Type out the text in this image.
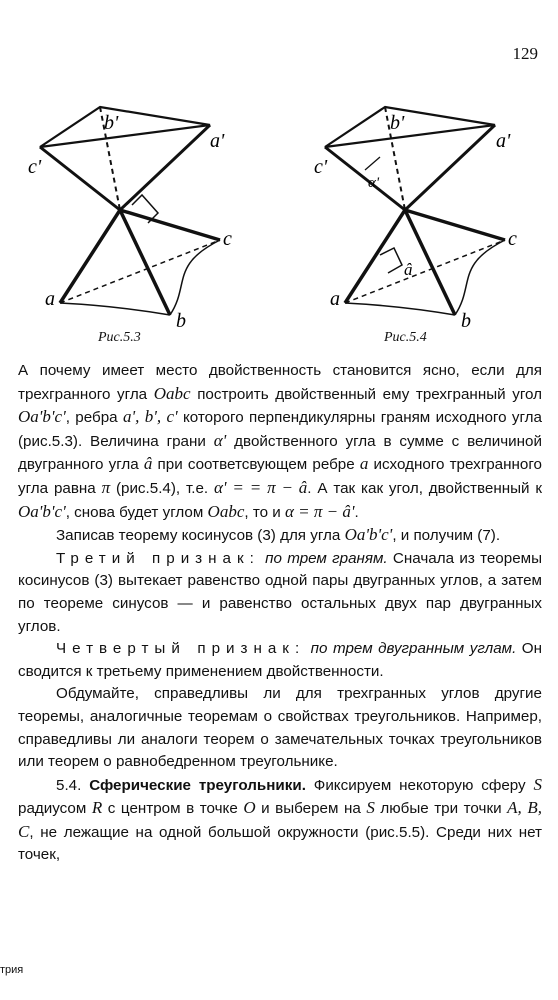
129
b'
a'
c'
c
a
b
Рис.5.3
b'
a'
c'
α'
â
c
a
b
Рис.5.4

А почему имеет место двойственность становится ясно, если для трехгранного угла Oabc построить двойственный ему трехгранный угол Oa'b'c', ребра a', b', c' которого перпендикулярны граням исходного угла (рис.5.3). Величина грани α' двойственного угла в сумме с величиной двугранного угла â при соответсвующем ребре a исходного трехгранного угла равна π (рис.5.4), т.е. α' = = π − â. А так как угол, двойственный к Oa'b'c', снова будет углом Oabc, то и α = π − â'.

Записав теорему косинусов (3) для угла Oa'b'c', и получим (7).

Третий признак: по трем граням. Сначала из теоремы косинусов (3) вытекает равенство одной пары двугранных углов, а затем по теореме синусов — и равенство остальных двух пар двугранных углов.

Четвертый признак: по трем двугранным углам. Он сводится к третьему применением двойственности.

Обдумайте, справедливы ли для трехгранных углов другие теоремы, аналогичные теоремам о свойствах треугольников. Например, справедливы ли аналоги теорем о замечательных точках треугольников или теорем о равнобедренном треугольнике.

5.4. Сферические треугольники. Фиксируем некоторую сферу S радиусом R с центром в точке O и выберем на S любые три точки A, B, C, не лежащие на одной большой окружности (рис.5.5). Среди них нет точек,

трия
